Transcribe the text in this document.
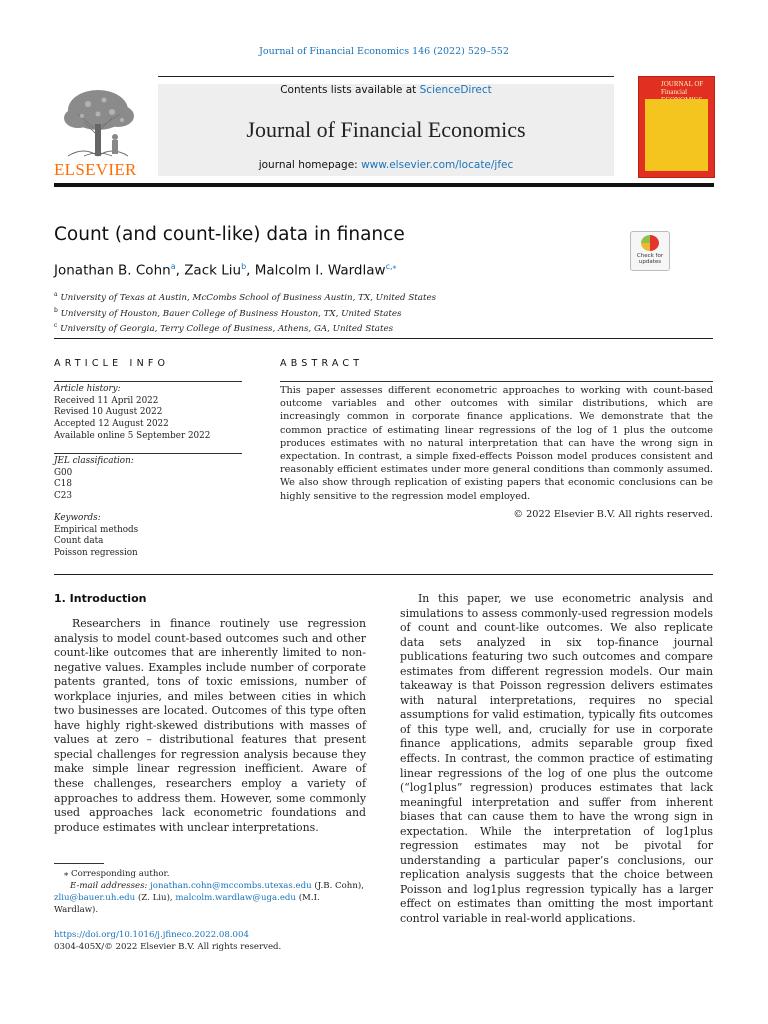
Journal of Financial Economics 146 (2022) 529–552
ELSEVIER
Contents lists available at ScienceDirect
Journal of Financial Economics
journal homepage: www.elsevier.com/locate/jfec
JOURNAL OF Financial
Count (and count-like) data in finance
Check for updates
Jonathan B. Cohn$^a$, Zack Liu$^b$, Malcolm I. Wardlaw$^{c,⁎}$
$^a$ University of Texas at Austin, McCombs School of Business Austin, TX, United States
$^b$ University of Houston, Bauer College of Business Houston, TX, United States
$^c$ University of Georgia, Terry College of Business, Athens, GA, United States
ARTICLE INFO	ABSTRACT
Article history:
Received 11 April 2022
Revised 10 August 2022
Accepted 12 August 2022
Available online 5 September 2022
JEL classification:
G00
C18
C23
Keywords:
Empirical methods
Count data
Poisson regression
This paper assesses different econometric approaches to working with count-based outcome variables and other outcomes with similar distributions, which are increasingly common in corporate finance applications. We demonstrate that the common practice of estimating linear regressions of the log of 1 plus the outcome produces estimates with no natural interpretation that can have the wrong sign in expectation. In contrast, a simple fixed-effects Poisson model produces consistent and reasonably efficient estimates under more general conditions than commonly assumed. We also show through replication of existing papers that economic conclusions can be highly sensitive to the regression model employed.
© 2022 Elsevier B.V. All rights reserved.
1. Introduction

Researchers in finance routinely use regression analysis to model count-based outcomes such and other count-like outcomes that are inherently limited to non-negative values. Examples include number of corporate patents granted, tons of toxic emissions, number of workplace injuries, and miles between cities in which two businesses are located. Outcomes of this type often have highly right-skewed distributions with masses of values at zero – distributional features that present special challenges for regression analysis because they make simple linear regression inefficient. Aware of these challenges, researchers employ a variety of approaches to address them. However, some commonly used approaches lack econometric foundations and produce estimates with unclear interpretations.

In this paper, we use econometric analysis and simulations to assess commonly-used regression models of count and count-like outcomes. We also replicate data sets analyzed in six top-finance journal publications featuring two such outcomes and compare estimates from different regression models. Our main takeaway is that Poisson regression delivers estimates with natural interpretations, requires no special assumptions for valid estimation, typically fits outcomes of this type well, and, crucially for use in corporate finance applications, admits separable group fixed effects. In contrast, the common practice of estimating linear regressions of the log of one plus the outcome (“log1plus” regression) produces estimates that lack meaningful interpretation and suffer from inherent biases that can cause them to have the wrong sign in expectation. While the interpretation of log1plus regression estimates may not be pivotal for understanding a particular paper’s conclusions, our replication analysis suggests that the choice between Poisson and log1plus regression typically has a larger effect on estimates than omitting the most important control variable in real-world applications.

⁎ Corresponding author.
E-mail addresses: jonathan.cohn@mccombs.utexas.edu (J.B. Cohn),
zliu@bauer.uh.edu (Z. Liu), malcolm.wardlaw@uga.edu (M.I. Wardlaw).
https://doi.org/10.1016/j.jfineco.2022.08.004
0304-405X/© 2022 Elsevier B.V. All rights reserved.
